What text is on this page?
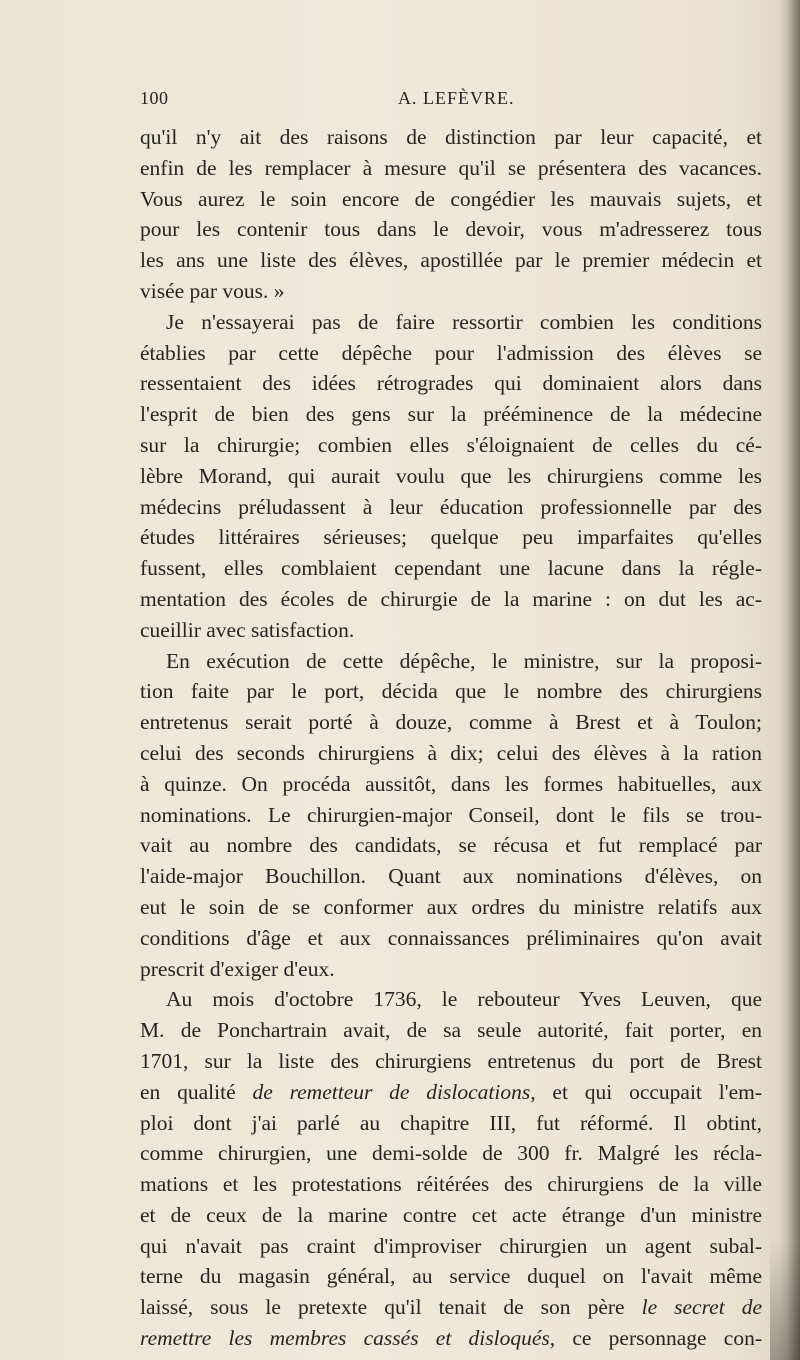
100	A. LEFÈVRE.
qu'il n'y ait des raisons de distinction par leur capacité, et
enfin de les remplacer à mesure qu'il se présentera des vacances.
Vous aurez le soin encore de congédier les mauvais sujets, et
pour les contenir tous dans le devoir, vous m'adresserez tous
les ans une liste des élèves, apostillée par le premier médecin et
visée par vous. »
Je n'essayerai pas de faire ressortir combien les conditions
établies par cette dépêche pour l'admission des élèves se
ressentaient des idées rétrogrades qui dominaient alors dans
l'esprit de bien des gens sur la prééminence de la médecine
sur la chirurgie; combien elles s'éloignaient de celles du cé-
lèbre Morand, qui aurait voulu que les chirurgiens comme les
médecins préludassent à leur éducation professionnelle par des
études littéraires sérieuses; quelque peu imparfaites qu'elles
fussent, elles comblaient cependant une lacune dans la régle-
mentation des écoles de chirurgie de la marine : on dut les ac-
cueillir avec satisfaction.
En exécution de cette dépêche, le ministre, sur la proposi-
tion faite par le port, décida que le nombre des chirurgiens
entretenus serait porté à douze, comme à Brest et à Toulon;
celui des seconds chirurgiens à dix; celui des élèves à la ration
à quinze. On procéda aussitôt, dans les formes habituelles, aux
nominations. Le chirurgien-major Conseil, dont le fils se trou-
vait au nombre des candidats, se récusa et fut remplacé par
l'aide-major Bouchillon. Quant aux nominations d'élèves, on
eut le soin de se conformer aux ordres du ministre relatifs aux
conditions d'âge et aux connaissances préliminaires qu'on avait
prescrit d'exiger d'eux.
Au mois d'octobre 1736, le rebouteur Yves Leuven, que
M. de Ponchartrain avait, de sa seule autorité, fait porter, en
1701, sur la liste des chirurgiens entretenus du port de Brest
en qualité de remetteur de dislocations, et qui occupait l'em-
ploi dont j'ai parlé au chapitre III, fut réformé. Il obtint,
comme chirurgien, une demi-solde de 300 fr. Malgré les récla-
mations et les protestations réitérées des chirurgiens de la ville
et de ceux de la marine contre cet acte étrange d'un ministre
qui n'avait pas craint d'improviser chirurgien un agent subal-
terne du magasin général, au service duquel on l'avait même
laissé, sous le pretexte qu'il tenait de son père le secret de
remettre les membres cassés et disloqués, ce personnage con-
